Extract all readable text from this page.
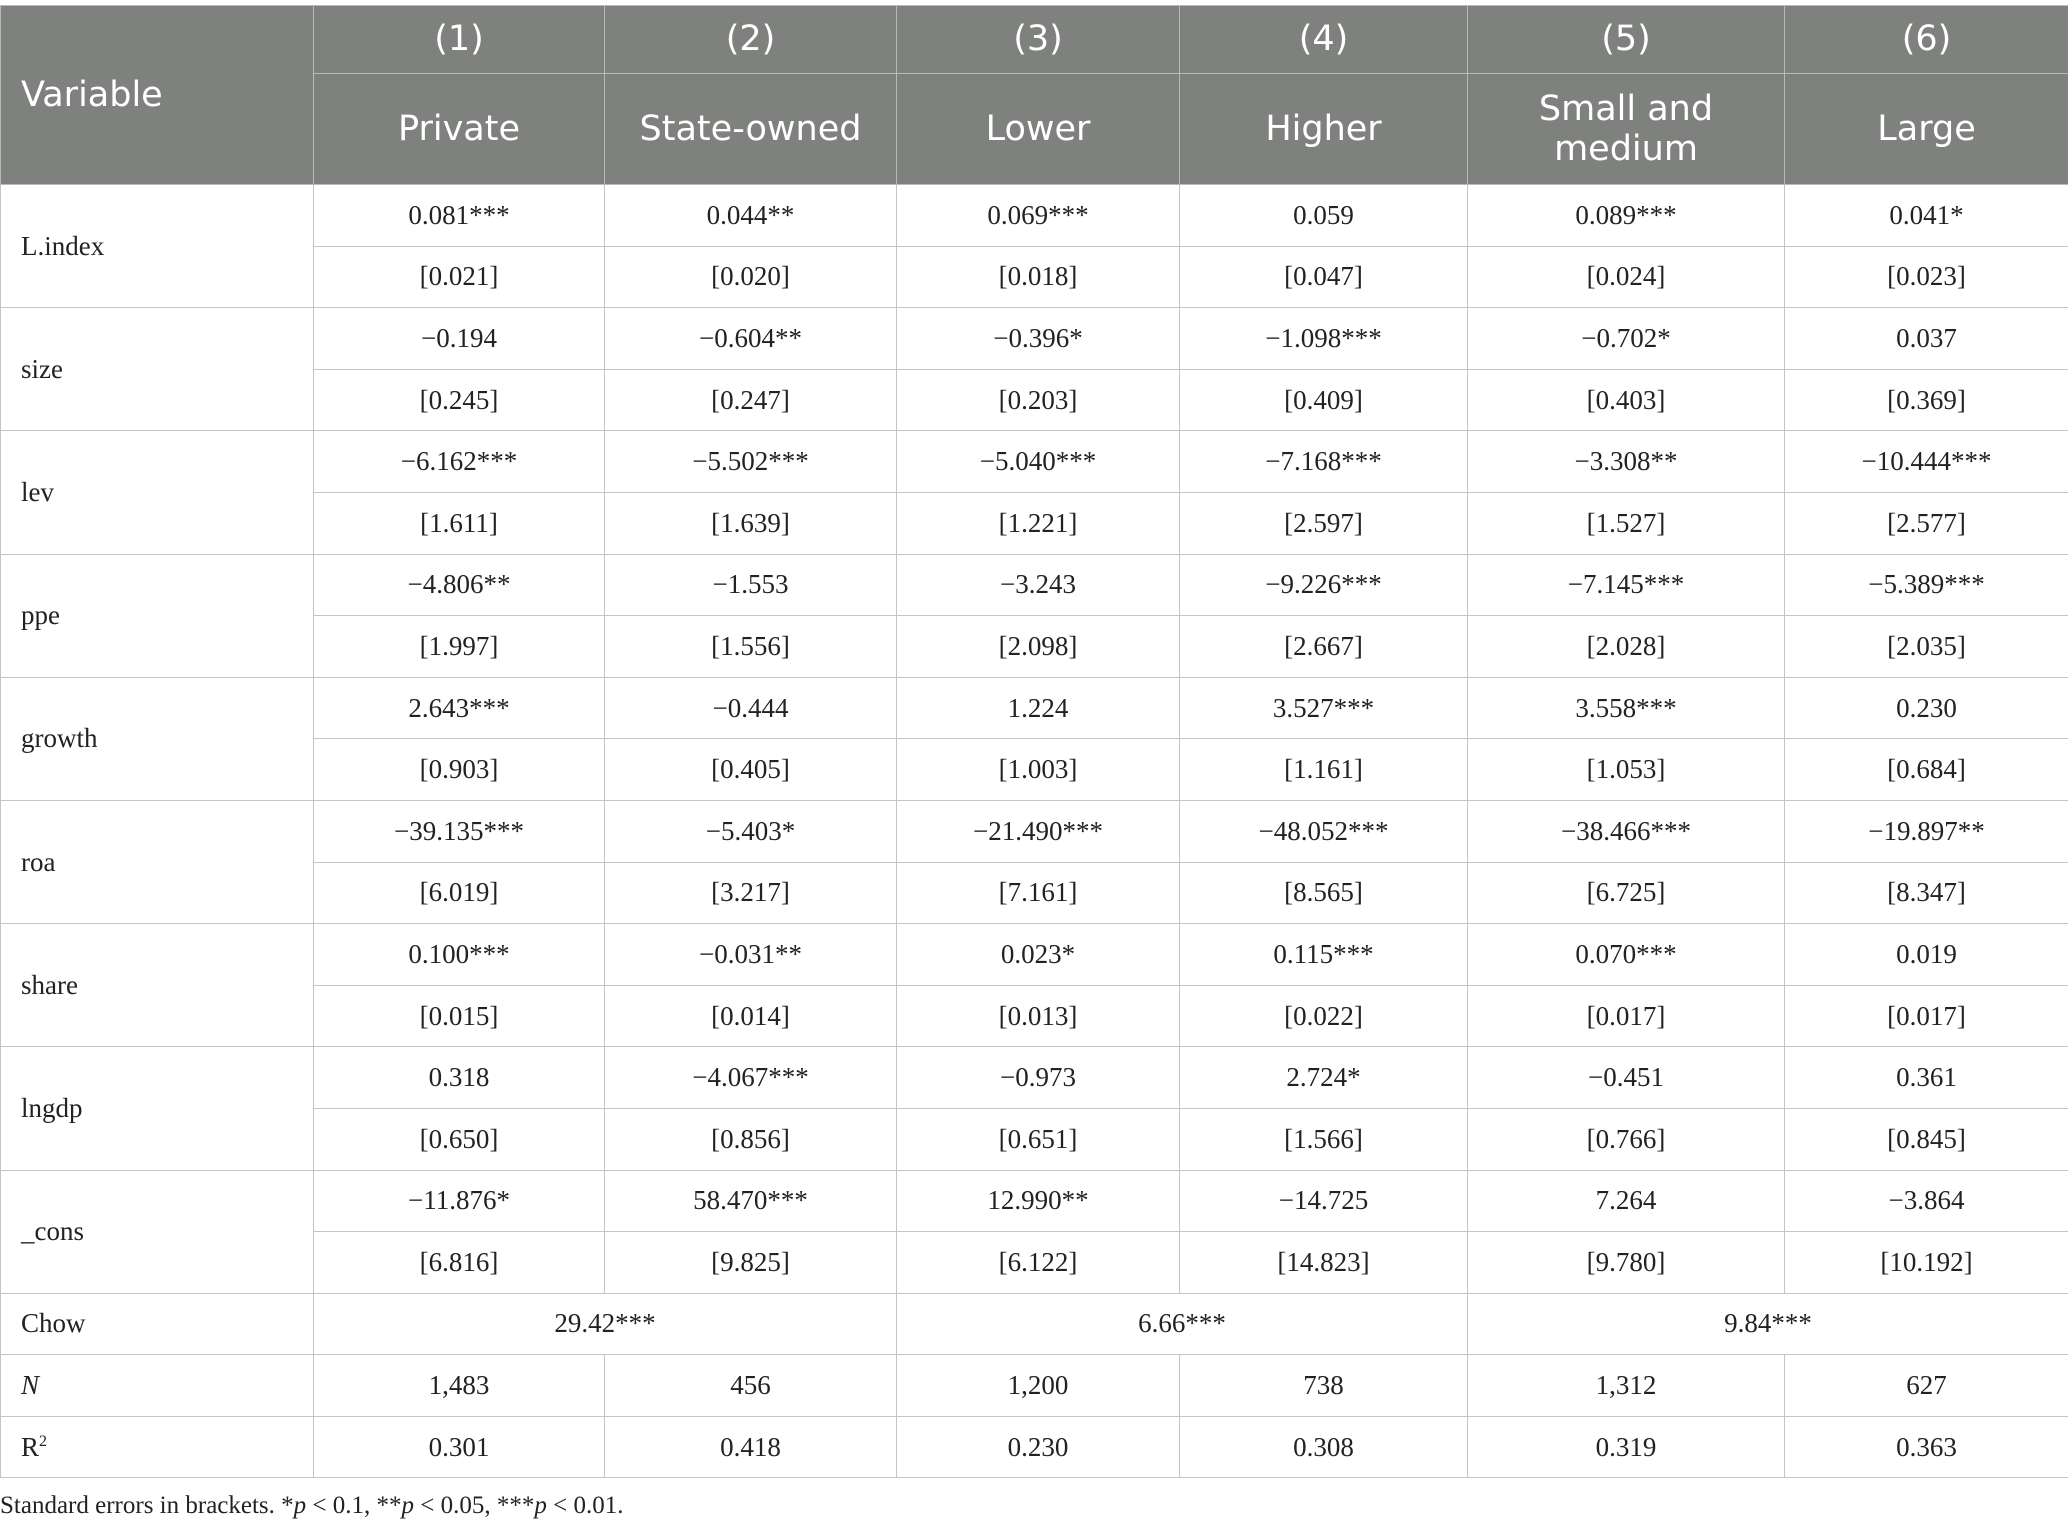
Variable	(1)	(2)	(3)	(4)	(5)	(6)
	Private	State-owned	Lower	Higher	Small and medium	Large
L.index	0.081***	0.044**	0.069***	0.059	0.089***	0.041*
	[0.021]	[0.020]	[0.018]	[0.047]	[0.024]	[0.023]
size	−0.194	−0.604**	−0.396*	−1.098***	−0.702*	0.037
	[0.245]	[0.247]	[0.203]	[0.409]	[0.403]	[0.369]
lev	−6.162***	−5.502***	−5.040***	−7.168***	−3.308**	−10.444***
	[1.611]	[1.639]	[1.221]	[2.597]	[1.527]	[2.577]
ppe	−4.806**	−1.553	−3.243	−9.226***	−7.145***	−5.389***
	[1.997]	[1.556]	[2.098]	[2.667]	[2.028]	[2.035]
growth	2.643***	−0.444	1.224	3.527***	3.558***	0.230
	[0.903]	[0.405]	[1.003]	[1.161]	[1.053]	[0.684]
roa	−39.135***	−5.403*	−21.490***	−48.052***	−38.466***	−19.897**
	[6.019]	[3.217]	[7.161]	[8.565]	[6.725]	[8.347]
share	0.100***	−0.031**	0.023*	0.115***	0.070***	0.019
	[0.015]	[0.014]	[0.013]	[0.022]	[0.017]	[0.017]
lngdp	0.318	−4.067***	−0.973	2.724*	−0.451	0.361
	[0.650]	[0.856]	[0.651]	[1.566]	[0.766]	[0.845]
_cons	−11.876*	58.470***	12.990**	−14.725	7.264	−3.864
	[6.816]	[9.825]	[6.122]	[14.823]	[9.780]	[10.192]
Chow	29.42***		6.66***		9.84***	
N	1,483	456	1,200	738	1,312	627
$R^2$	0.301	0.418	0.230	0.308	0.319	0.363
Standard errors in brackets. *p < 0.1, **p < 0.05, ***p < 0.01.
